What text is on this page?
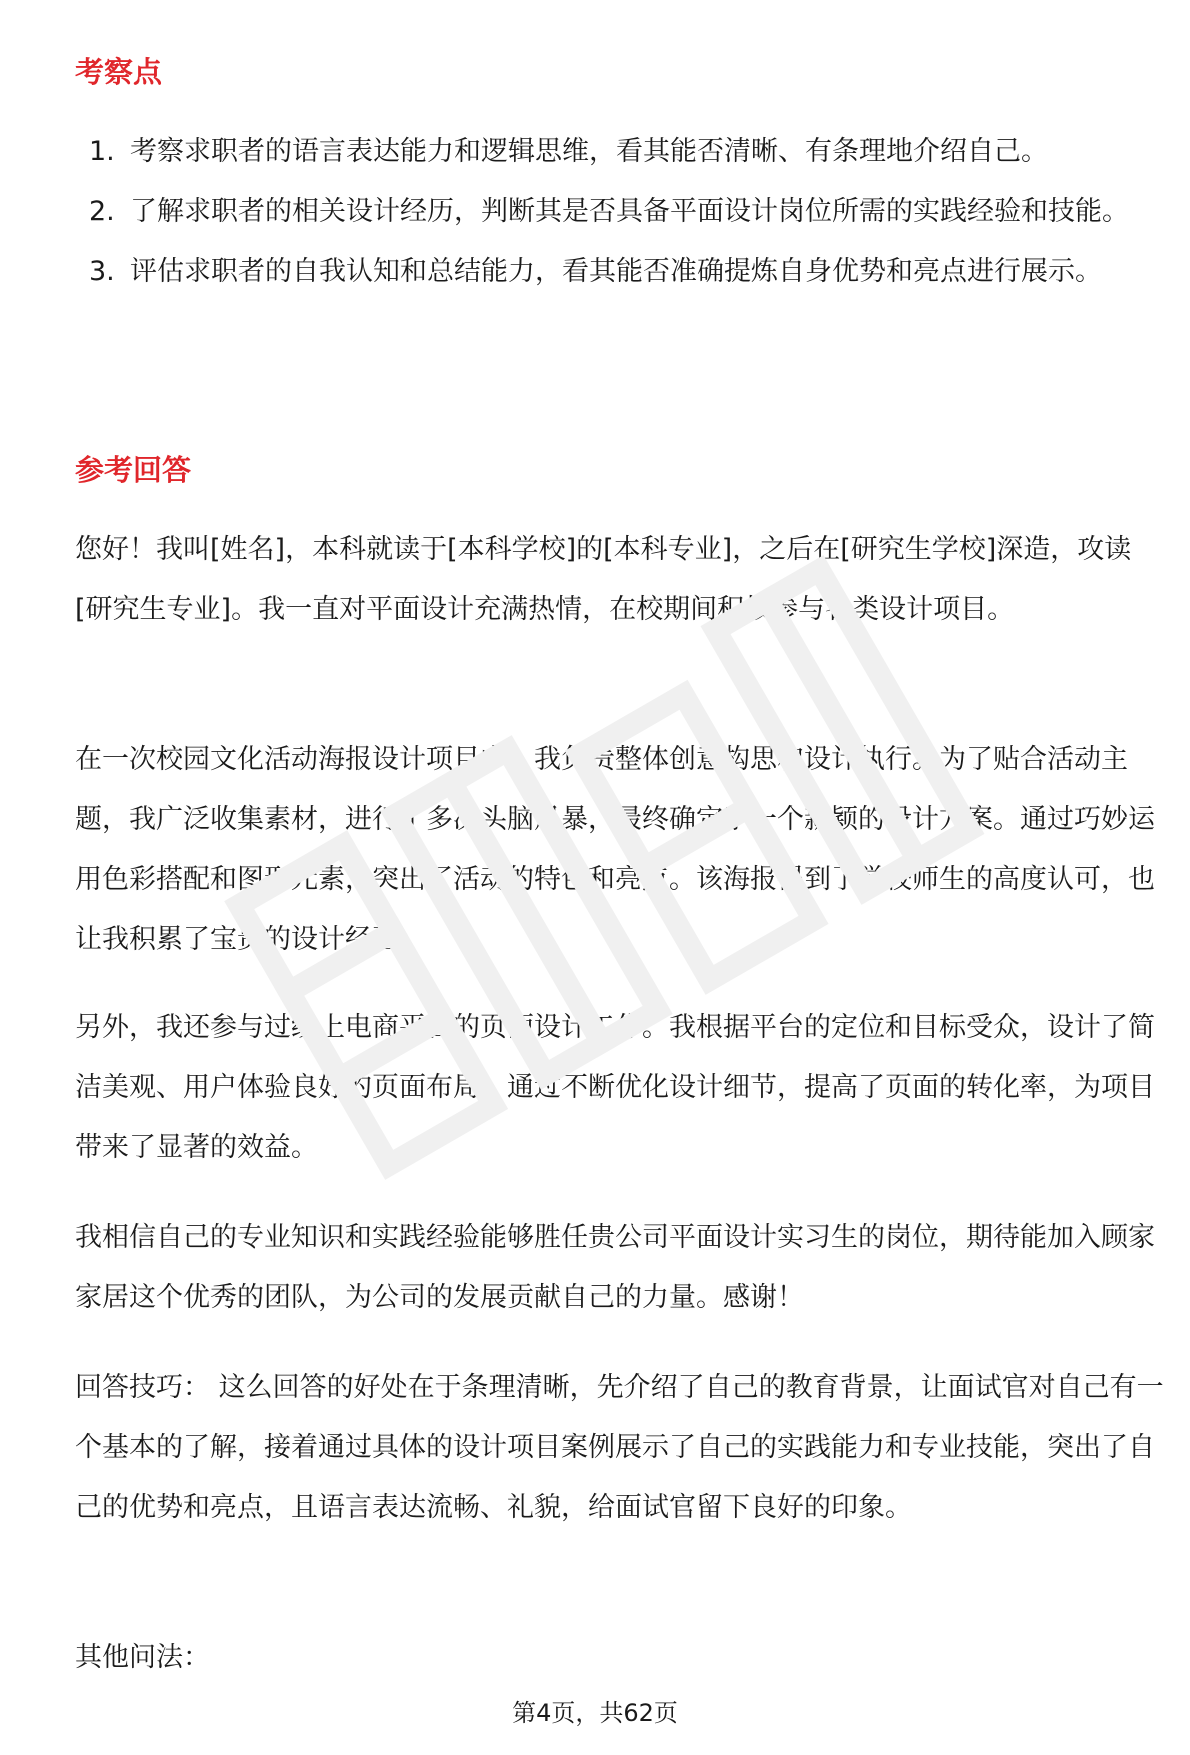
考察点
1. 考察求职者的语言表达能力和逻辑思维，看其能否清晰、有条理地介绍自己。
2. 了解求职者的相关设计经历，判断其是否具备平面设计岗位所需的实践经验和技能。
3. 评估求职者的自我认知和总结能力，看其能否准确提炼自身优势和亮点进行展示。
参考回答

您好！我叫[姓名]，本科就读于[本科学校]的[本科专业]，之后在[研究生学校]深造，攻读[研究生专业]。我一直对平面设计充满热情，在校期间积极参与各类设计项目。

在一次校园文化活动海报设计项目中，我负责整体创意构思和设计执行。为了贴合活动主题，我广泛收集素材，进行了多次头脑风暴，最终确定了一个新颖的设计方案。通过巧妙运用色彩搭配和图形元素，突出了活动的特色和亮点。该海报得到了学校师生的高度认可，也让我积累了宝贵的设计经验。

另外，我还参与过线上电商平台的页面设计工作。我根据平台的定位和目标受众，设计了简洁美观、用户体验良好的页面布局。通过不断优化设计细节，提高了页面的转化率，为项目带来了显著的效益。

我相信自己的专业知识和实践经验能够胜任贵公司平面设计实习生的岗位，期待能加入顾家家居这个优秀的团队，为公司的发展贡献自己的力量。感谢！

回答技巧： 这么回答的好处在于条理清晰，先介绍了自己的教育背景，让面试官对自己有一个基本的了解，接着通过具体的设计项目案例展示了自己的实践能力和专业技能，突出了自己的优势和亮点，且语言表达流畅、礼貌，给面试官留下良好的印象。

其他问法：

第4页，共62页
